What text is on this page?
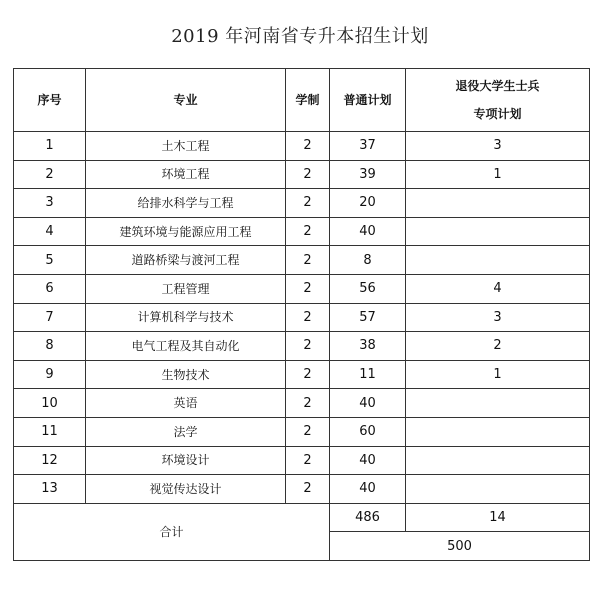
2019 年河南省专升本招生计划
序号	专业	学制	普通计划	退役大学生士兵
专项计划

1	土木工程	2	37	3
2	环境工程	2	39	1
3	给排水科学与工程	2	20	
4	建筑环境与能源应用工程	2	40	
5	道路桥梁与渡河工程	2	8	
6	工程管理	2	56	4
7	计算机科学与技术	2	57	3
8	电气工程及其自动化	2	38	2
9	生物技术	2	11	1
10	英语	2	40	
11	法学	2	60	
12	环境设计	2	40	
13	视觉传达设计	2	40	
合计			486	14
			500	
